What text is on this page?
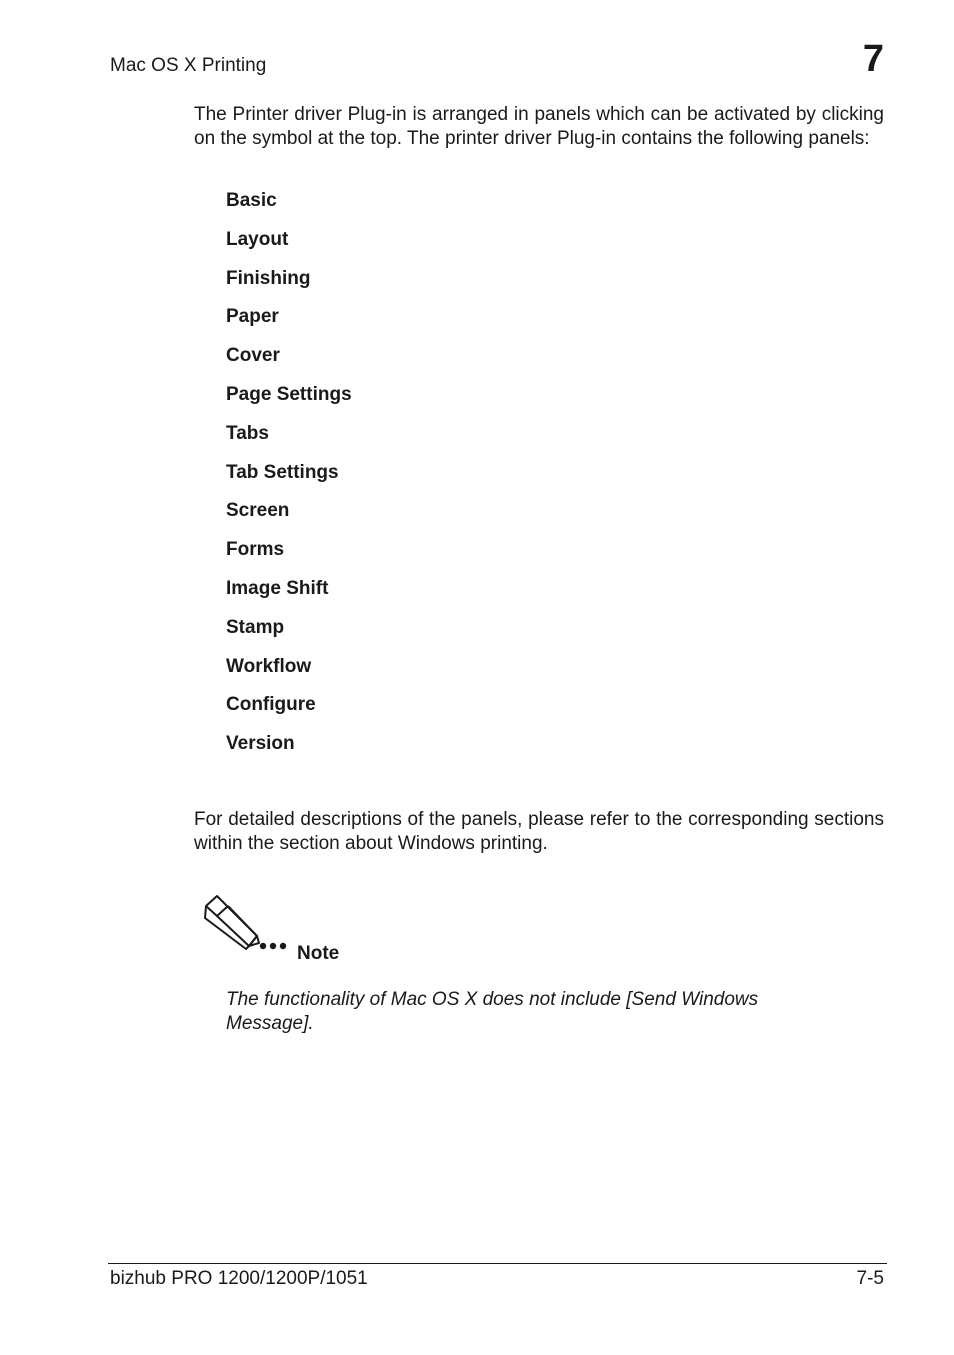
Mac OS X Printing	7

The Printer driver Plug-in is arranged in panels which can be activated by clicking on the symbol at the top. The printer driver Plug-in contains the following panels:

Basic
Layout
Finishing
Paper
Cover
Page Settings
Tabs
Tab Settings
Screen
Forms
Image Shift
Stamp
Workflow
Configure
Version

For detailed descriptions of the panels, please refer to the corresponding sections within the section about Windows printing.

Note

The functionality of Mac OS X does not include [Send Windows Message].

bizhub PRO 1200/1200P/1051	7-5
